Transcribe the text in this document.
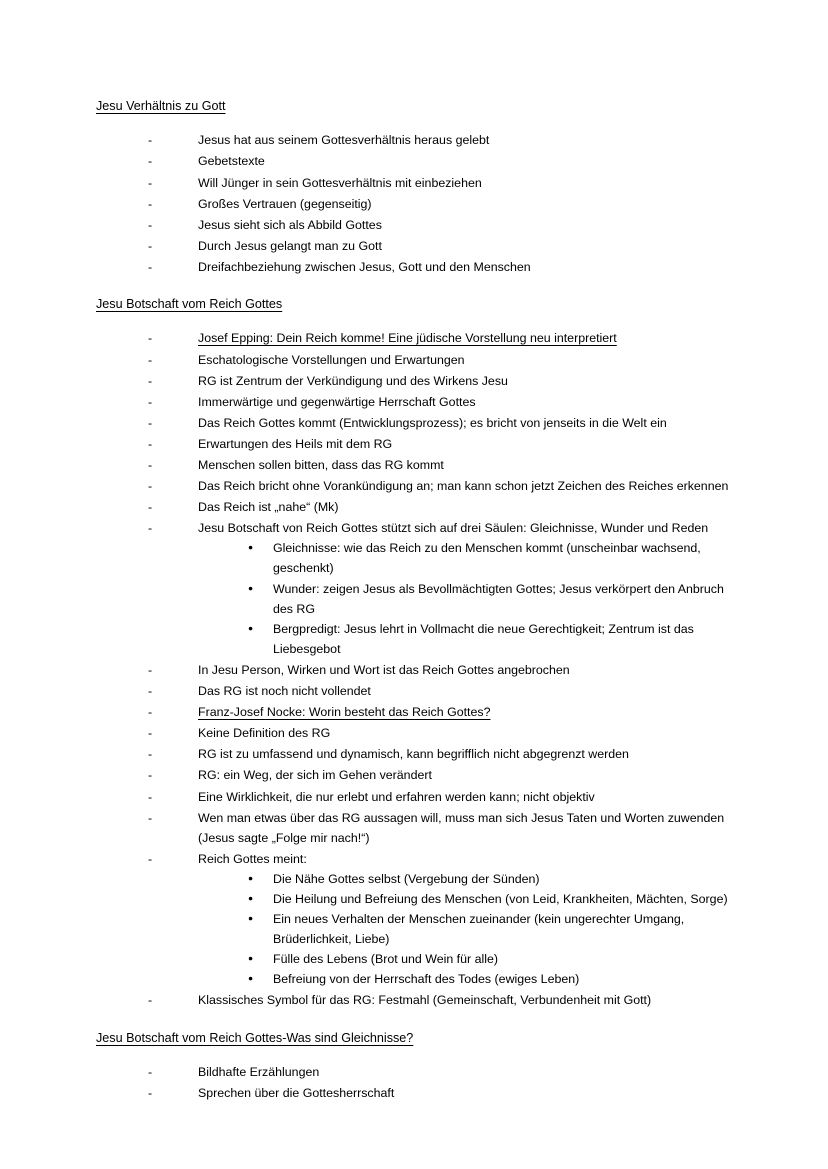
Jesu Verhältnis zu Gott
- Jesus hat aus seinem Gottesverhältnis heraus gelebt
- Gebetstexte
- Will Jünger in sein Gottesverhältnis mit einbeziehen
- Großes Vertrauen (gegenseitig)
- Jesus sieht sich als Abbild Gottes
- Durch Jesus gelangt man zu Gott
- Dreifachbeziehung zwischen Jesus, Gott und den Menschen
Jesu Botschaft vom Reich Gottes
- Josef Epping: Dein Reich komme! Eine jüdische Vorstellung neu interpretiert
- Eschatologische Vorstellungen und Erwartungen
- RG ist Zentrum der Verkündigung und des Wirkens Jesu
- Immerwärtige und gegenwärtige Herrschaft Gottes
- Das Reich Gottes kommt (Entwicklungsprozess); es bricht von jenseits in die Welt ein
- Erwartungen des Heils mit dem RG
- Menschen sollen bitten, dass das RG kommt
- Das Reich bricht ohne Vorankündigung an; man kann schon jetzt Zeichen des Reiches erkennen
- Das Reich ist „nahe“ (Mk)
- Jesu Botschaft von Reich Gottes stützt sich auf drei Säulen: Gleichnisse, Wunder und Reden
● Gleichnisse: wie das Reich zu den Menschen kommt (unscheinbar wachsend, geschenkt)
● Wunder: zeigen Jesus als Bevollmächtigten Gottes; Jesus verkörpert den Anbruch des RG
● Bergpredigt: Jesus lehrt in Vollmacht die neue Gerechtigkeit; Zentrum ist das Liebesgebot
- In Jesu Person, Wirken und Wort ist das Reich Gottes angebrochen
- Das RG ist noch nicht vollendet
- Franz-Josef Nocke: Worin besteht das Reich Gottes?
- Keine Definition des RG
- RG ist zu umfassend und dynamisch, kann begrifflich nicht abgegrenzt werden
- RG: ein Weg, der sich im Gehen verändert
- Eine Wirklichkeit, die nur erlebt und erfahren werden kann; nicht objektiv
- Wen man etwas über das RG aussagen will, muss man sich Jesus Taten und Worten zuwenden (Jesus sagte „Folge mir nach!“)
- Reich Gottes meint:
● Die Nähe Gottes selbst (Vergebung der Sünden)
● Die Heilung und Befreiung des Menschen (von Leid, Krankheiten, Mächten, Sorge)
● Ein neues Verhalten der Menschen zueinander (kein ungerechter Umgang, Brüderlichkeit, Liebe)
● Fülle des Lebens (Brot und Wein für alle)
● Befreiung von der Herrschaft des Todes (ewiges Leben)
- Klassisches Symbol für das RG: Festmahl (Gemeinschaft, Verbundenheit mit Gott)
Jesu Botschaft vom Reich Gottes-Was sind Gleichnisse?
- Bildhafte Erzählungen
- Sprechen über die Gottesherrschaft
